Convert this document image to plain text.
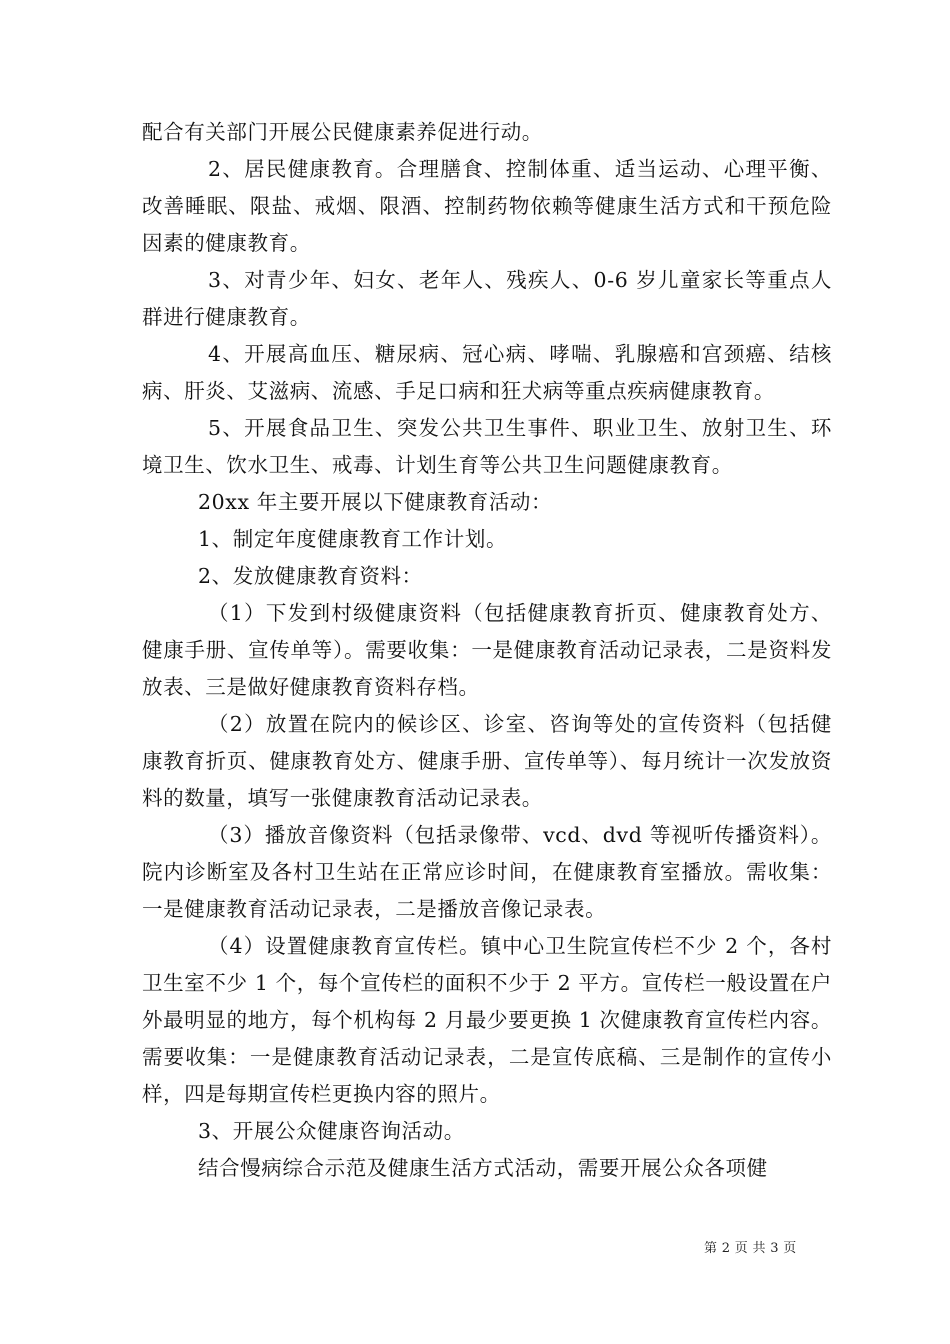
配合有关部门开展公民健康素养促进行动。

2、居民健康教育。合理膳食、控制体重、适当运动、心理平衡、改善睡眠、限盐、戒烟、限酒、控制药物依赖等健康生活方式和干预危险因素的健康教育。

3、对青少年、妇女、老年人、残疾人、0-6 岁儿童家长等重点人群进行健康教育。

4、开展高血压、糖尿病、冠心病、哮喘、乳腺癌和宫颈癌、结核病、肝炎、艾滋病、流感、手足口病和狂犬病等重点疾病健康教育。

5、开展食品卫生、突发公共卫生事件、职业卫生、放射卫生、环境卫生、饮水卫生、戒毒、计划生育等公共卫生问题健康教育。

20xx 年主要开展以下健康教育活动：

1、制定年度健康教育工作计划。

2、发放健康教育资料：

（1）下发到村级健康资料（包括健康教育折页、健康教育处方、健康手册、宣传单等）。需要收集：一是健康教育活动记录表，二是资料发放表、三是做好健康教育资料存档。

（2）放置在院内的候诊区、诊室、咨询等处的宣传资料（包括健康教育折页、健康教育处方、健康手册、宣传单等）、每月统计一次发放资料的数量，填写一张健康教育活动记录表。

（3）播放音像资料（包括录像带、vcd、dvd 等视听传播资料）。院内诊断室及各村卫生站在正常应诊时间，在健康教育室播放。需收集：一是健康教育活动记录表，二是播放音像记录表。

（4）设置健康教育宣传栏。镇中心卫生院宣传栏不少 2 个，各村卫生室不少 1 个，每个宣传栏的面积不少于 2 平方。宣传栏一般设置在户外最明显的地方，每个机构每 2 月最少要更换 1 次健康教育宣传栏内容。需要收集：一是健康教育活动记录表，二是宣传底稿、三是制作的宣传小样，四是每期宣传栏更换内容的照片。

3、开展公众健康咨询活动。

结合慢病综合示范及健康生活方式活动，需要开展公众各项健

第 2 页 共 3 页
